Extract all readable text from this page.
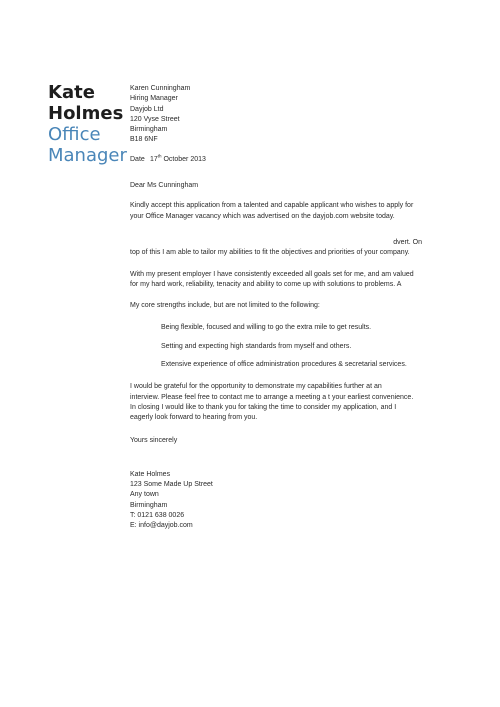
Kate
Holmes
Office
Manager
Karen Cunningham
Hiring Manager
Dayjob Ltd
120 Vyse Street
Birmingham
B18 6NF
Date 17th October 2013
Dear Ms Cunningham
Kindly accept this application from a talented and capable applicant who wishes to apply for
your Office Manager vacancy which was advertised on the dayjob.com website today.
dvert. On
top of this I am able to tailor my abilities to fit the objectives and priorities of your company.
With my present employer I have consistently exceeded all goals set for me, and am valued
for my hard work, reliability, tenacity and ability to come up with solutions to problems. A
My core strengths include, but are not limited to the following:
Being flexible, focused and willing to go the extra mile to get results.
Setting and expecting high standards from myself and others.
Extensive experience of office administration procedures & secretarial services.
I would be grateful for the opportunity to demonstrate my capabilities further at an
interview. Please feel free to contact me to arrange a meeting a t your earliest convenience.
In closing I would like to thank you for taking the time to consider my application, and I
eagerly look forward to hearing from you.
Yours sincerely
Kate Holmes
123 Some Made Up Street
Any town
Birmingham
T: 0121 638 0026
E: info@dayjob.com
